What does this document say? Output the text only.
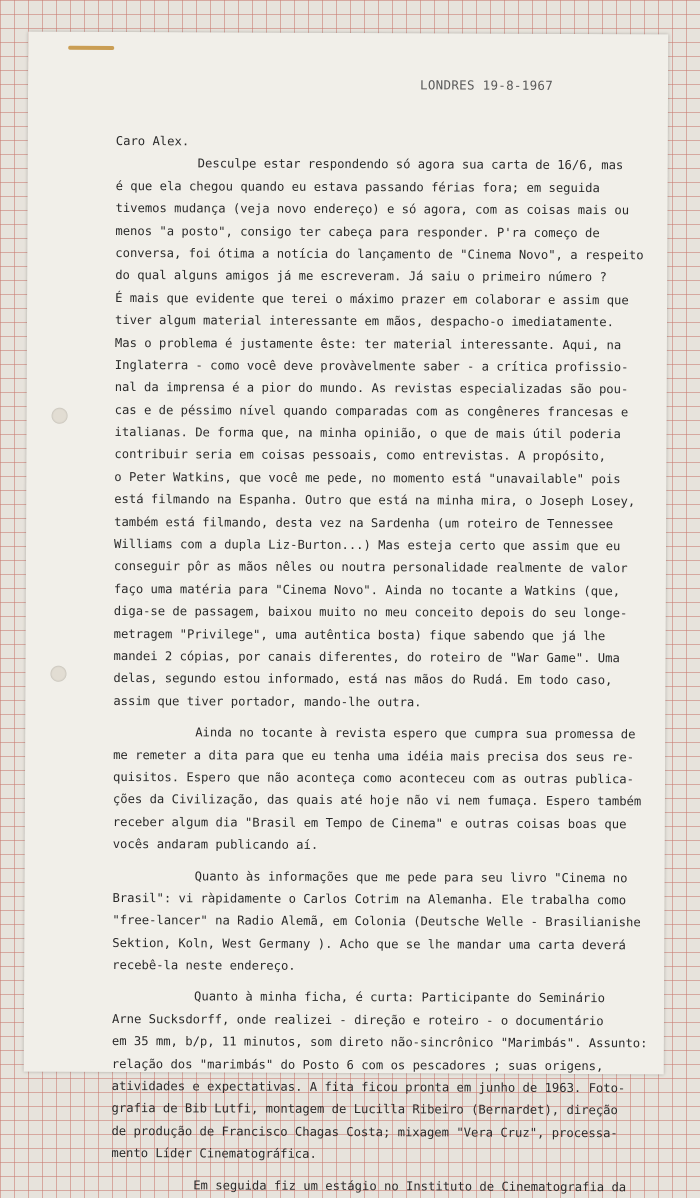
LONDRES 19-8-1967
Caro Alex.
Desculpe estar respondendo só agora sua carta de 16/6, mas
é que ela chegou quando eu estava passando férias fora; em seguida
tivemos mudança (veja novo endereço) e só agora, com as coisas mais ou
menos "a posto", consigo ter cabeça para responder. P'ra começo de
conversa, foi ótima a notícia do lançamento de "Cinema Novo", a respeito
do qual alguns amigos já me escreveram. Já saiu o primeiro número ?
É mais que evidente que terei o máximo prazer em colaborar e assim que
tiver algum material interessante em mãos, despacho-o imediatamente.
Mas o problema é justamente êste: ter material interessante. Aqui, na
Inglaterra - como você deve provàvelmente saber - a crítica profissio-
nal da imprensa é a pior do mundo. As revistas especializadas são pou-
cas e de péssimo nível quando comparadas com as congêneres francesas e
italianas. De forma que, na minha opinião, o que de mais útil poderia
contribuir seria em coisas pessoais, como entrevistas. A propósito,
o Peter Watkins, que você me pede, no momento está "unavailable" pois
está filmando na Espanha. Outro que está na minha mira, o Joseph Losey,
também está filmando, desta vez na Sardenha (um roteiro de Tennessee
Williams com a dupla Liz-Burton...) Mas esteja certo que assim que eu
conseguir pôr as mãos nêles ou noutra personalidade realmente de valor
faço uma matéria para "Cinema Novo". Ainda no tocante a Watkins (que,
diga-se de passagem, baixou muito no meu conceito depois do seu longe-
metragem "Privilege", uma autêntica bosta) fique sabendo que já lhe
mandei 2 cópias, por canais diferentes, do roteiro de "War Game". Uma
delas, segundo estou informado, está nas mãos do Rudá. Em todo caso,
assim que tiver portador, mando-lhe outra.
Ainda no tocante à revista espero que cumpra sua promessa de
me remeter a dita para que eu tenha uma idéia mais precisa dos seus re-
quisitos. Espero que não aconteça como aconteceu com as outras publica-
ções da Civilização, das quais até hoje não vi nem fumaça. Espero também
receber algum dia "Brasil em Tempo de Cinema" e outras coisas boas que
vocês andaram publicando aí.
Quanto às informações que me pede para seu livro "Cinema no
Brasil": vi ràpidamente o Carlos Cotrim na Alemanha. Ele trabalha como
"free-lancer" na Radio Alemã, em Colonia (Deutsche Welle - Brasilianishe
Sektion, Koln, West Germany ). Acho que se lhe mandar uma carta deverá
recebê-la neste endereço.
Quanto à minha ficha, é curta: Participante do Seminário
Arne Sucksdorff, onde realizei - direção e roteiro - o documentário
em 35 mm, b/p, 11 minutos, som direto não-sincrônico "Marimbás". Assunto:
relação dos "marimbás" do Posto 6 com os pescadores ; suas origens,
atividades e expectativas. A fita ficou pronta em junho de 1963. Foto-
grafia de Bib Lutfi, montagem de Lucilla Ribeiro (Bernardet), direção
de produção de Francisco Chagas Costa; mixagem "Vera Cruz", processa-
mento Líder Cinematográfica.
Em seguida fiz um estágio no Instituto de Cinematografia da
